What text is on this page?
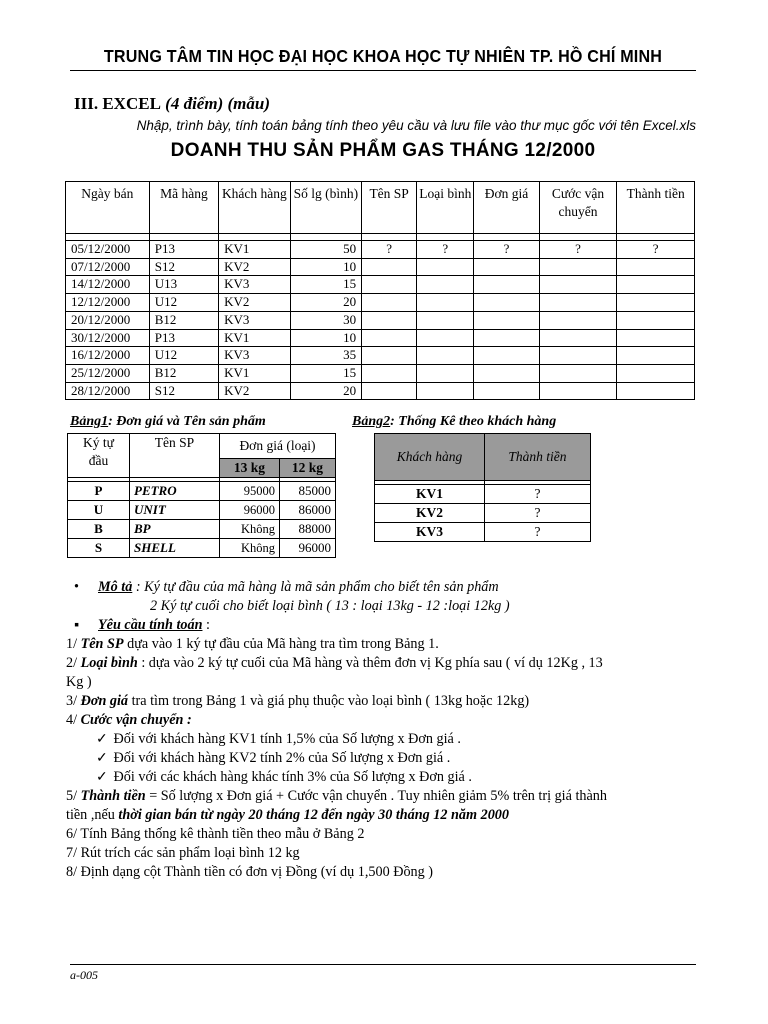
TRUNG TÂM TIN HỌC ĐẠI HỌC KHOA HỌC TỰ NHIÊN TP. HỒ CHÍ MINH
III. EXCEL (4 điểm) (mẫu)
Nhập, trình bày, tính toán bảng tính theo yêu cầu và lưu file vào thư mục gốc với tên Excel.xls
DOANH THU SẢN PHẨM GAS THÁNG 12/2000
Ngày bán	Mã hàng	Khách hàng	Số lg (bình)	Tên SP	Loại bình	Đơn giá	Cước vận chuyển	Thành tiền

05/12/2000	P13	KV1	50	?	?	?	?	?
07/12/2000	S12	KV2	10					
14/12/2000	U13	KV3	15					
12/12/2000	U12	KV2	20					
20/12/2000	B12	KV3	30					
30/12/2000	P13	KV1	10					
16/12/2000	U12	KV3	35					
25/12/2000	B12	KV1	15					
28/12/2000	S12	KV2	20					
Bảng1: Đơn giá và Tên sản phẩm	Bảng2: Thống Kê theo khách hàng
Ký tự đầu	Tên SP	Đơn giá (loại)	
		13 kg	12 kg

P	PETRO	95000	85000
U	UNIT	96000	86000
B	BP	Không	88000
S	SHELL	Không	96000
Khách hàng	Thành tiền

KV1	?
KV2	?
KV3	?
• Mô tả : Ký tự đầu của mã hàng là mã sản phẩm cho biết tên sản phẩm
2 Ký tự cuối cho biết loại bình ( 13 : loại 13kg - 12 :loại 12kg )
▪ Yêu cầu tính toán :
1/ Tên SP dựa vào 1 ký tự đầu của Mã hàng tra tìm trong Bảng 1.
2/ Loại bình : dựa vào 2 ký tự cuối của Mã hàng và thêm đơn vị Kg phía sau ( ví dụ 12Kg , 13
Kg )
3/ Đơn giá tra tìm trong Bảng 1 và giá phụ thuộc vào loại bình ( 13kg hoặc 12kg)
4/ Cước vận chuyển :
✓ Đối với khách hàng KV1 tính 1,5% của Số lượng x Đơn giá .
✓ Đối với khách hàng KV2 tính 2% của Số lượng x Đơn giá .
✓ Đối với các khách hàng khác tính 3% của Số lượng x Đơn giá .
5/ Thành tiền = Số lượng x Đơn giá + Cước vận chuyển . Tuy nhiên giảm 5% trên trị giá thành
tiền ,nếu thời gian bán từ ngày 20 tháng 12 đến ngày 30 tháng 12 năm 2000
6/ Tính Bảng thống kê thành tiền theo mẫu ở Bảng 2
7/ Rút trích các sản phẩm loại bình 12 kg
8/ Định dạng cột Thành tiền có đơn vị Đồng (ví dụ 1,500 Đồng )
a-005
